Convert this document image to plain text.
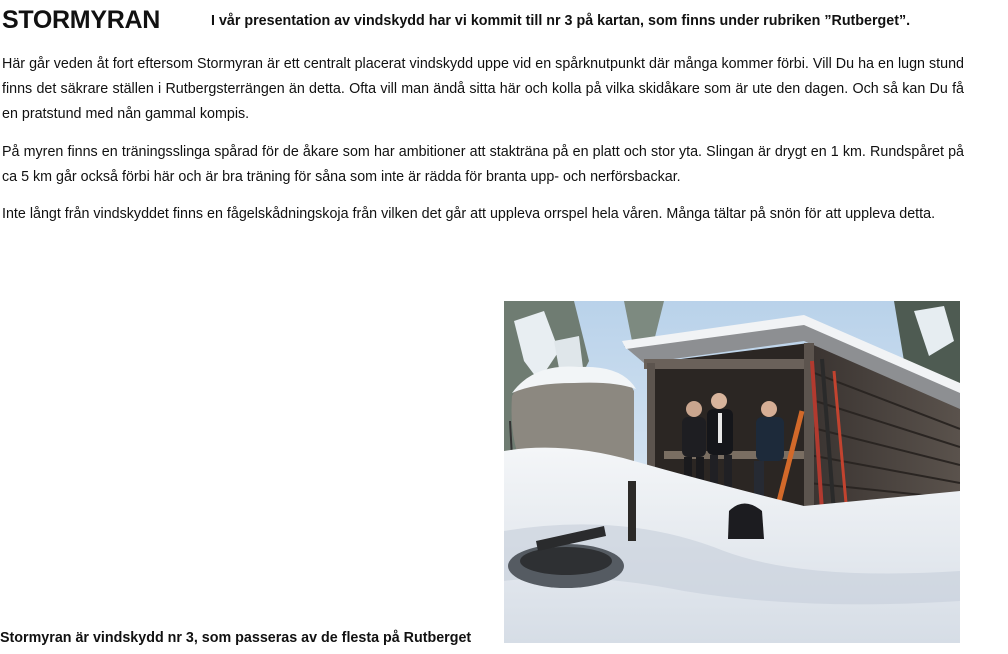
STORMYRAN	I vår presentation av vindskydd har vi kommit till nr 3 på kartan, som finns under rubriken ”Rutberget”.

Här går veden åt fort eftersom Stormyran är ett centralt placerat vindskydd uppe vid en spårknutpunkt där många kommer förbi. Vill Du ha en lugn stund finns det säkrare ställen i Rutbergsterrängen än detta. Ofta vill man ändå sitta här och kolla på vilka skidåkare som är ute den dagen. Och så kan Du få en pratstund med nån gammal kompis.

På myren finns en träningsslinga spårad för de åkare som har ambitioner att staktränа på en platt och stor yta. Slingan är drygt en 1 km. Rundspåret på ca 5 km går också förbi här och är bra träning för såna som inte är rädda för branta upp- och nerförsbackar.

Inte långt från vindskyddet finns en fågelskådningskoja från vilken det går att uppleva orrspel hela våren. Många tältar på snön för att uppleva detta.

Stormyran är vindskydd nr 3, som passeras av de flesta på Rutberget
